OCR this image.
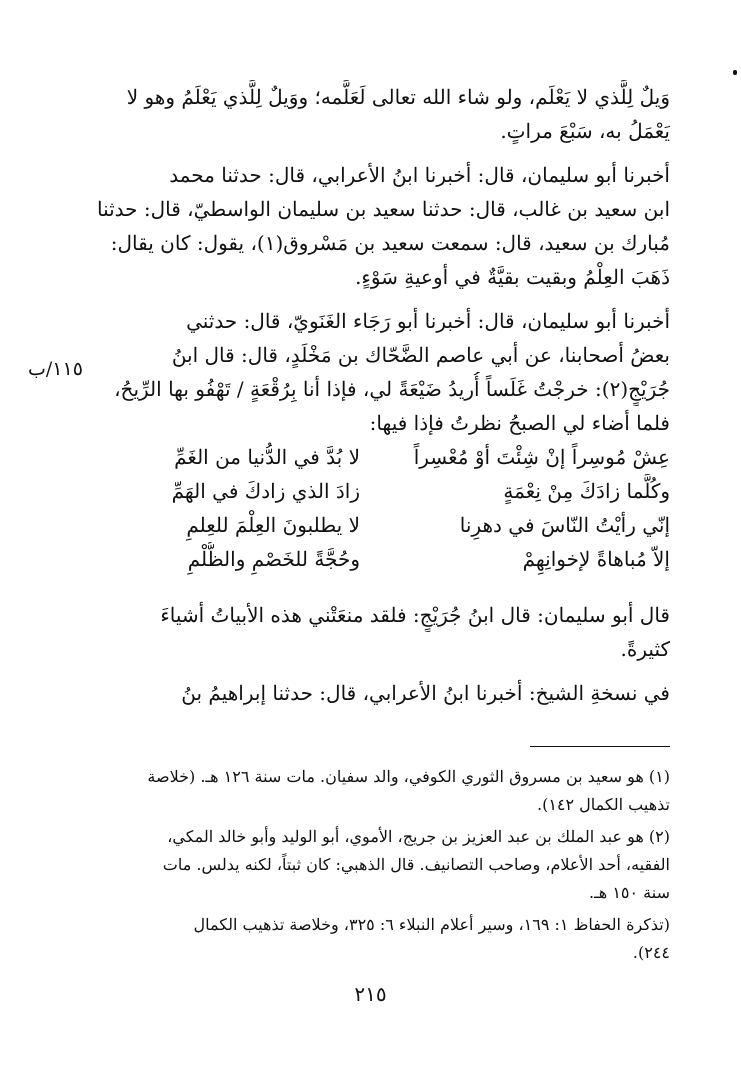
وَيلٌ لِلَّذي لا يَعْلَم، ولو شاء الله تعالى لَعَلَّمه؛ ووَيلٌ لِلَّذي يَعْلَمُ وهو لا
يَعْمَلُ به، سَبْعَ مراتٍ.
أخبرنا أبو سليمان، قال: أخبرنا ابنُ الأعرابي، قال: حدثنا محمد
ابن سعيد بن غالب، قال: حدثنا سعيد بن سليمان الواسطيّ، قال: حدثنا
مُبارك بن سعيد، قال: سمعت سعيد بن مَسْروق(١)، يقول: كان يقال:
ذَهَبَ العِلْمُ وبقيت بقيَّةٌ في أوعيةِ سَوْءٍ.
أخبرنا أبو سليمان، قال: أخبرنا أبو رَجَاء الغَنَويّ، قال: حدثني
بعضُ أصحابنا، عن أبي عاصم الضَّحّاك بن مَخْلَدٍ، قال: قال ابنُ
جُرَيْجٍ(٢): خرجْتُ غَلَساً أُريدُ ضَيْعَةً لي، فإذا أنا بِرُقْعَةٍ / تَهْفُو بها الرِّيحُ،
فلما أضاء لي الصبحُ نظرتُ فإذا فيها:
١١٥/ب
عِشْ مُوسِراً إنْ شِئْتَ أوْ مُعْسِراً
لا بُدَّ في الدُّنيا من الغَمِّ
وكُلَّما زادَكَ مِنْ نِعْمَةٍ
زادَ الذي زادكَ في الهَمِّ
إنّي رأيْتُ النّاسَ في دهرِنا
لا يطلبونَ العِلْمَ للعِلمِ
إلاّ مُباهاةً لإخوانِهِمْ
وحُجَّةً للخَصْمِ والظُّلْمِ
قال أبو سليمان: قال ابنُ جُرَيْجٍ: فلقد منعَتْني هذه الأبياتُ أشياءَ
كثيرةً.
في نسخةِ الشيخ: أخبرنا ابنُ الأعرابي، قال: حدثنا إبراهيمُ بنُ
(١) هو سعيد بن مسروق الثوري الكوفي، والد سفيان. مات سنة ١٢٦ هـ. (خلاصة
تذهيب الكمال ١٤٢).
(٢) هو عبد الملك بن عبد العزيز بن جريج، الأموي، أبو الوليد وأبو خالد المكي،
الفقيه، أحد الأعلام، وصاحب التصانيف. قال الذهبي: كان ثبتاً، لكنه يدلس. مات
سنة ١٥٠ هـ.
(تذكرة الحفاظ ١: ١٦٩، وسير أعلام النبلاء ٦: ٣٢٥، وخلاصة تذهيب الكمال
٢٤٤).
٢١٥
